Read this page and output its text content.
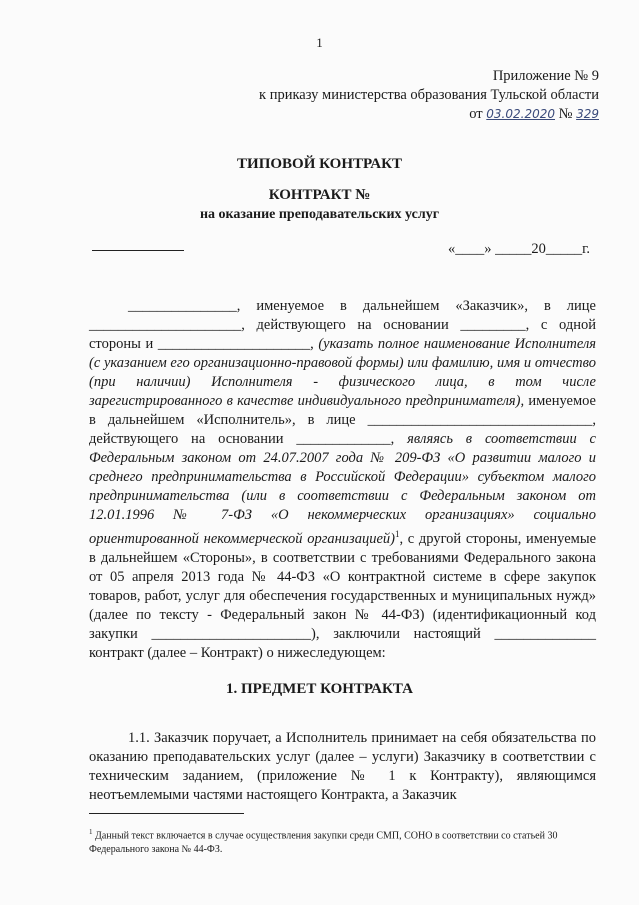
1
Приложение № 9
к приказу министерства образования Тульской области
от 03.02.2020 № 329
ТИПОВОЙ КОНТРАКТ
КОНТРАКТ №
на оказание преподавательских услуг
«____» _____20_____г.

_______________, именуемое в дальнейшем «Заказчик», в лице _____________________, действующего на основании _________, с одной стороны и _____________________, (указать полное наименование Исполнителя (с указанием его организационно-правовой формы) или фамилию, имя и отчество (при наличии) Исполнителя - физического лица, в том числе зарегистрированного в качестве индивидуального предпринимателя), именуемое в дальнейшем «Исполнитель», в лице _______________________________, действующего на основании _____________, являясь в соответствии с Федеральным законом от 24.07.2007 года № 209-ФЗ «О развитии малого и среднего предпринимательства в Российской Федерации» субъектом малого предпринимательства (или в соответствии с Федеральным законом от 12.01.1996 № 7-ФЗ «О некоммерческих организациях» социально ориентированной некоммерческой организацией)$^1$, с другой стороны, именуемые в дальнейшем «Стороны», в соответствии с требованиями Федерального закона от 05 апреля 2013 года № 44-ФЗ «О контрактной системе в сфере закупок товаров, работ, услуг для обеспечения государственных и муниципальных нужд» (далее по тексту - Федеральный закон № 44-ФЗ) (идентификационный код закупки ______________________), заключили настоящий ______________ контракт (далее – Контракт) о нижеследующем:

1. ПРЕДМЕТ КОНТРАКТА

1.1. Заказчик поручает, а Исполнитель принимает на себя обязательства по оказанию преподавательских услуг (далее – услуги) Заказчику в соответствии с техническим заданием, (приложение № 1 к Контракту), являющимся неотъемлемыми частями настоящего Контракта, а Заказчик

$^1$ Данный текст включается в случае осуществления закупки среди СМП, СОНО в соответствии со статьей 30 Федерального закона № 44-ФЗ.
